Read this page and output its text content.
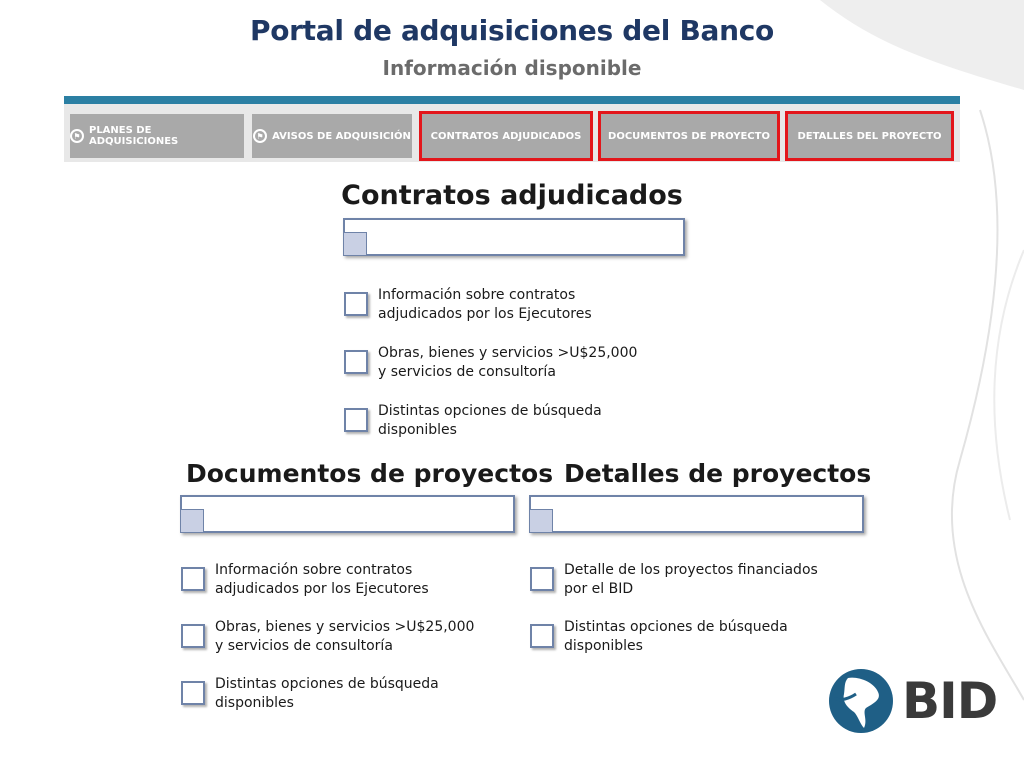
Portal de adquisiciones del Banco
Información disponible
⚑ PLANES DE ADQUISICIONES	⚑ AVISOS DE ADQUISICIÓN CONTRATOS ADJUDICADOS	DOCUMENTOS DE PROYECTO	DETALLES DEL PROYECTO
Contratos adjudicados
Información sobre contratos adjudicados por los Ejecutores
Obras, bienes y servicios >U$25,000 y servicios de consultoría
Distintas opciones de búsqueda disponibles
Documentos de proyectos
Información sobre contratos adjudicados por los Ejecutores
Obras, bienes y servicios >U$25,000 y servicios de consultoría
Distintas opciones de búsqueda disponibles
Detalles de proyectos
Detalle de los proyectos financiados por el BID
Distintas opciones de búsqueda disponibles
BID
